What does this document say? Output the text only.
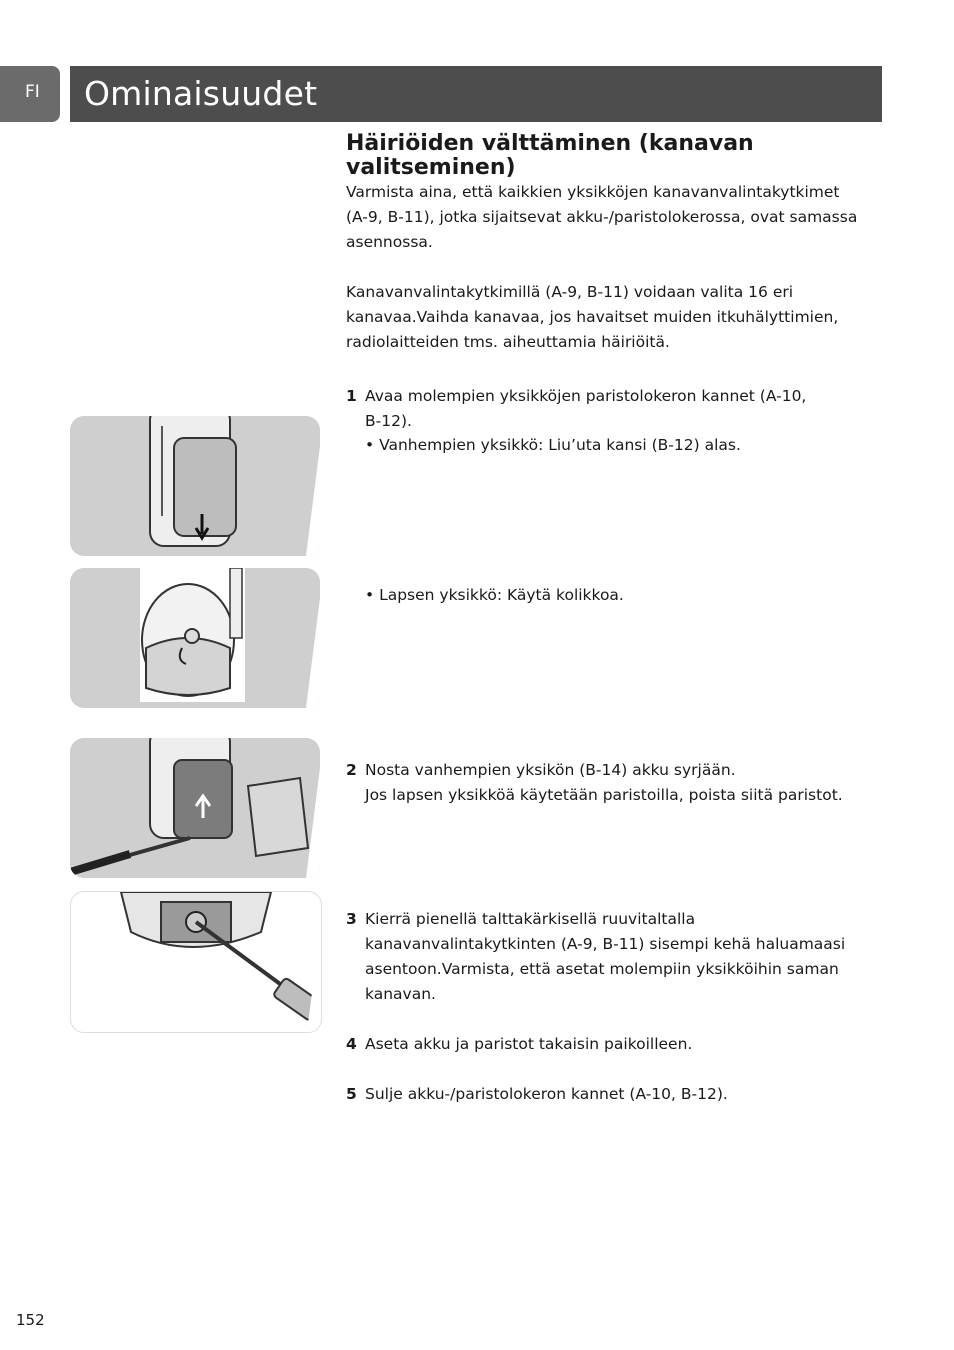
FI Ominaisuudet
Häiriöiden välttäminen (kanavan
valitseminen)

Varmista aina, että kaikkien yksikköjen kanavanvalintakytkimet
(A-9, B-11), jotka sijaitsevat akku-/paristolokerossa, ovat samassa
asennossa.

Kanavanvalintakytkimillä (A-9, B-11) voidaan valita 16 eri
kanavaa.Vaihda kanavaa, jos havaitset muiden itkuhälyttimien,
radiolaitteiden tms. aiheuttamia häiriöitä.

1 Avaa molempien yksikköjen paristolokeron kannet (A-10,

B-12).

• Vanhempien yksikkö: Liu’uta kansi (B-12) alas.
• Lapsen yksikkö: Käytä kolikkoa.
2 Nosta vanhempien yksikön (B-14) akku syrjään.

Jos lapsen yksikköä käytetään paristoilla, poista siitä paristot.

3 Kierrä pienellä talttakärkisellä ruuvitaltalla

kanavanvalintakytkinten (A-9, B-11) sisempi kehä haluamaasi

asentoon.Varmista, että asetat molempiin yksikköihin saman

kanavan.

4 Aseta akku ja paristot takaisin paikoilleen.

5 Sulje akku-/paristolokeron kannet (A-10, B-12).

152
